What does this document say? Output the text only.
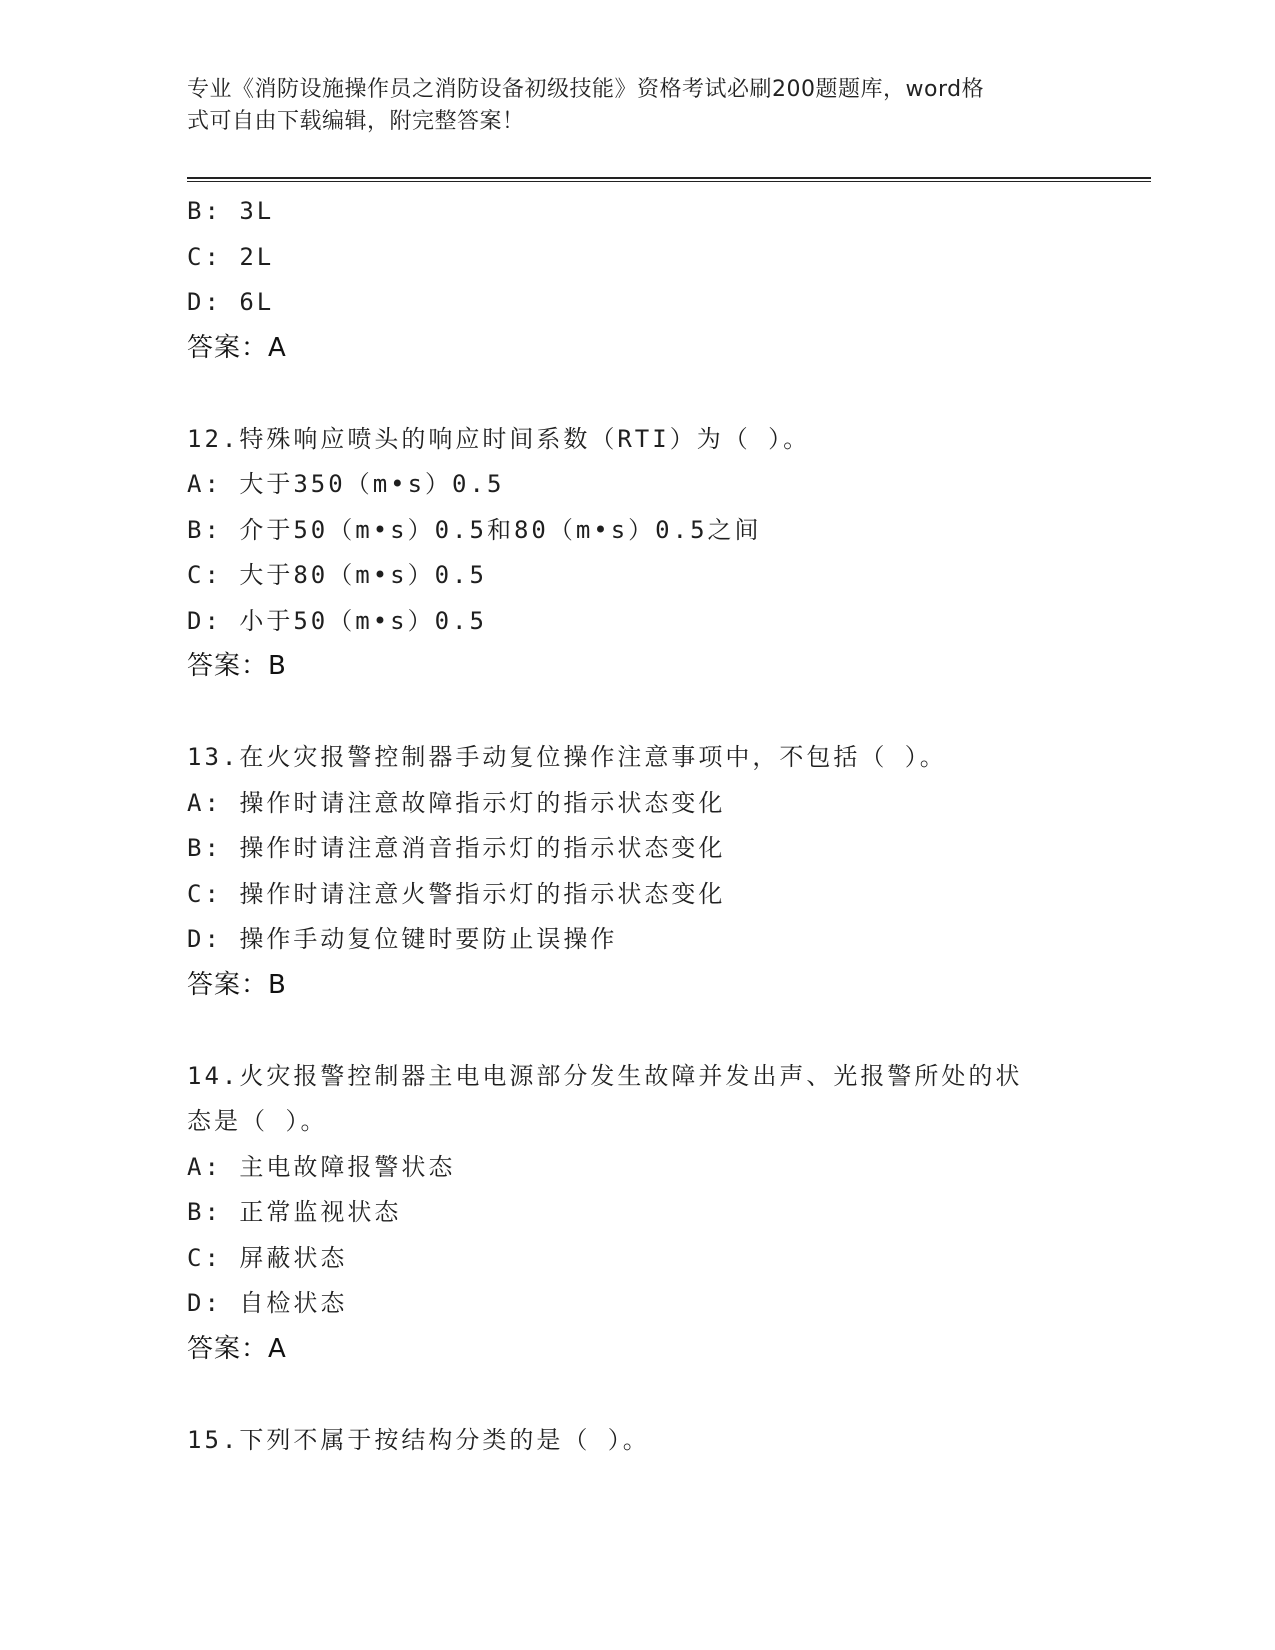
专业《消防设施操作员之消防设备初级技能》资格考试必刷200题题库，word格
式可自由下载编辑，附完整答案！
B: 3L
C: 2L
D: 6L
答案：A
12.特殊响应喷头的响应时间系数（RTI）为（ ）。
A: 大于350（m•s）0.5
B: 介于50（m•s）0.5和80（m•s）0.5之间
C: 大于80（m•s）0.5
D: 小于50（m•s）0.5
答案：B
13.在火灾报警控制器手动复位操作注意事项中，不包括（ ）。
A: 操作时请注意故障指示灯的指示状态变化
B: 操作时请注意消音指示灯的指示状态变化
C: 操作时请注意火警指示灯的指示状态变化
D: 操作手动复位键时要防止误操作
答案：B
14.火灾报警控制器主电电源部分发生故障并发出声、光报警所处的状
态是（ ）。
A: 主电故障报警状态
B: 正常监视状态
C: 屏蔽状态
D: 自检状态
答案：A
15.下列不属于按结构分类的是（ ）。
